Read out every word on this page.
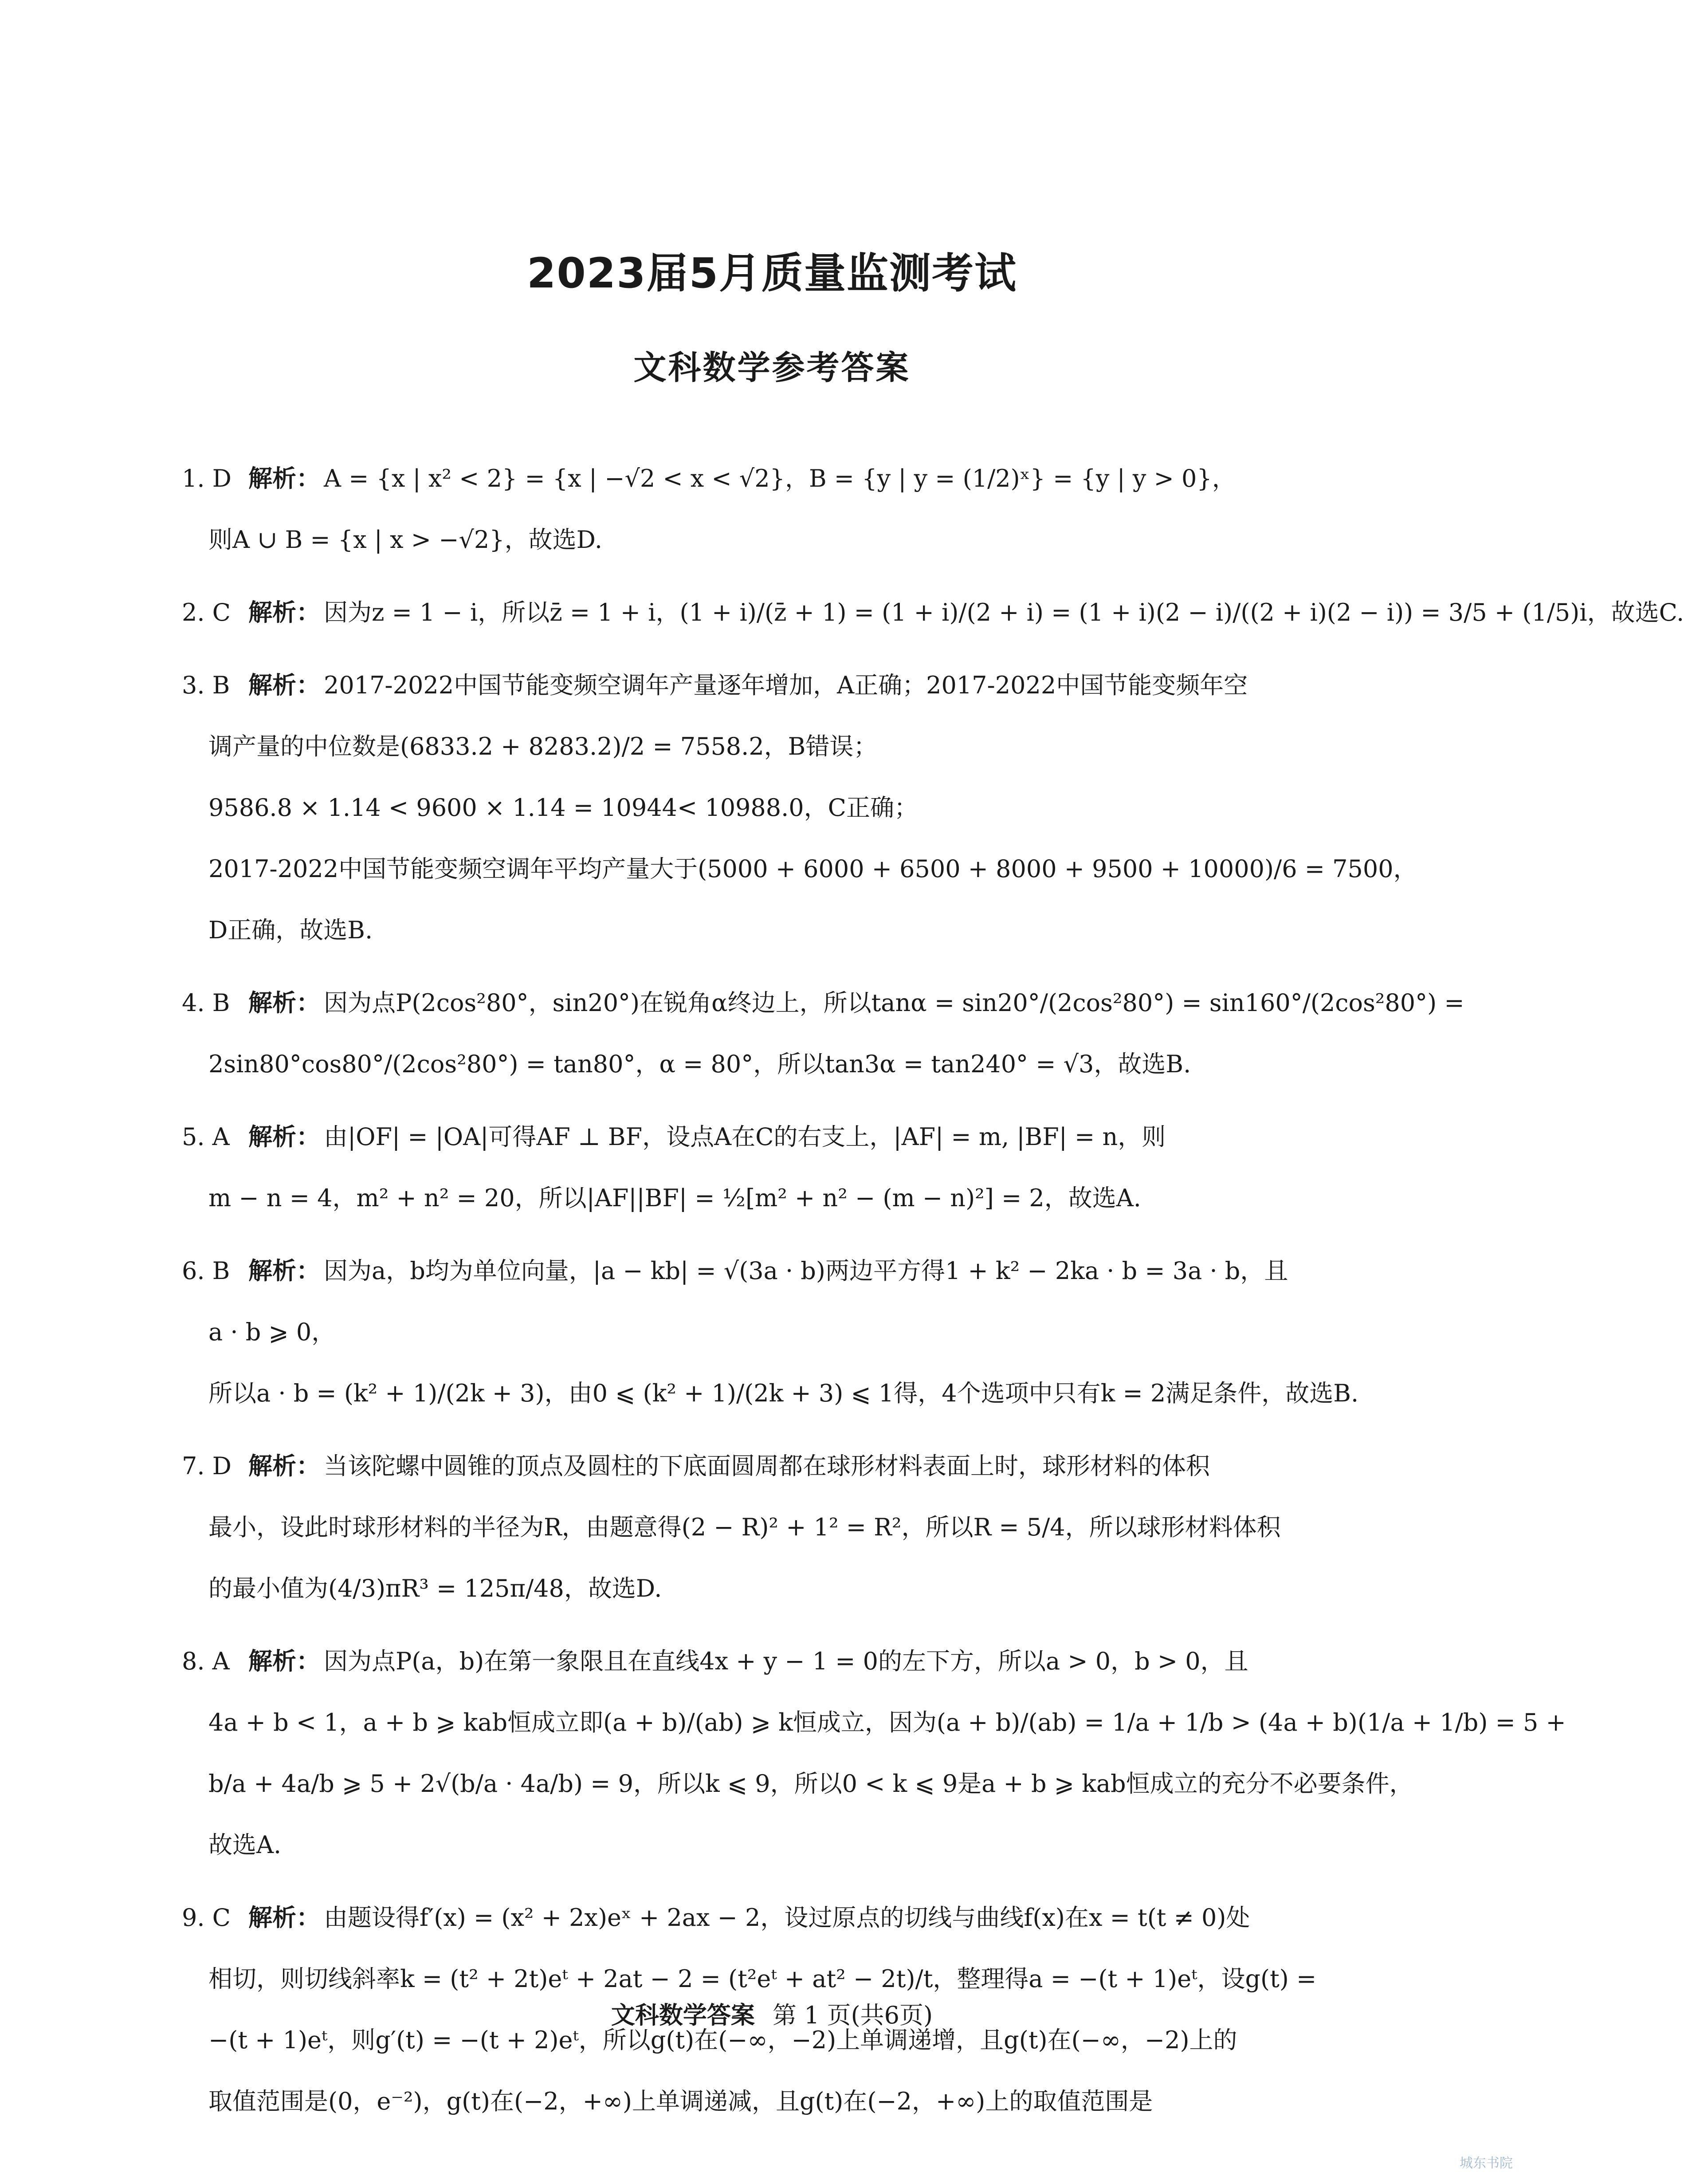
2023届5月质量监测考试
文科数学参考答案
1. D 解析： A = {x | x² < 2} = {x | −√2 < x < √2}，B = {y | y = (1/2)ˣ} = {y | y > 0}，
则A ∪ B = {x | x > −√2}，故选D.
2. C 解析： 因为z = 1 − i，所以z̄ = 1 + i，(1 + i)/(z̄ + 1) = (1 + i)/(2 + i) = (1 + i)(2 − i)/((2 + i)(2 − i)) = 3/5 + (1/5)i，故选C.
3. B 解析： 2017-2022中国节能变频空调年产量逐年增加，A正确；2017-2022中国节能变频年空
调产量的中位数是(6833.2 + 8283.2)/2 = 7558.2，B错误；
9586.8 × 1.14 < 9600 × 1.14 = 10944< 10988.0，C正确；
2017-2022中国节能变频空调年平均产量大于(5000 + 6000 + 6500 + 8000 + 9500 + 10000)/6 = 7500，
D正确，故选B.
4. B 解析： 因为点P(2cos²80°，sin20°)在锐角α终边上，所以tanα = sin20°/(2cos²80°) = sin160°/(2cos²80°) =
2sin80°cos80°/(2cos²80°) = tan80°，α = 80°，所以tan3α = tan240° = √3，故选B.
5. A 解析： 由|OF| = |OA|可得AF ⊥ BF，设点A在C的右支上，|AF| = m, |BF| = n，则
m − n = 4，m² + n² = 20，所以|AF||BF| = ½[m² + n² − (m − n)²] = 2，故选A.
6. B 解析： 因为a，b均为单位向量，|a − kb| = √(3a · b)两边平方得1 + k² − 2ka · b = 3a · b，且
a · b ⩾ 0，
所以a · b = (k² + 1)/(2k + 3)，由0 ⩽ (k² + 1)/(2k + 3) ⩽ 1得，4个选项中只有k = 2满足条件，故选B.
7. D 解析： 当该陀螺中圆锥的顶点及圆柱的下底面圆周都在球形材料表面上时，球形材料的体积
最小，设此时球形材料的半径为R，由题意得(2 − R)² + 1² = R²，所以R = 5/4，所以球形材料体积
的最小值为(4/3)πR³ = 125π/48，故选D.
8. A 解析： 因为点P(a，b)在第一象限且在直线4x + y − 1 = 0的左下方，所以a > 0，b > 0，且
4a + b < 1，a + b ⩾ kab恒成立即(a + b)/(ab) ⩾ k恒成立，因为(a + b)/(ab) = 1/a + 1/b > (4a + b)(1/a + 1/b) = 5 +
b/a + 4a/b ⩾ 5 + 2√(b/a · 4a/b) = 9，所以k ⩽ 9，所以0 < k ⩽ 9是a + b ⩾ kab恒成立的充分不必要条件，
故选A.
9. C 解析： 由题设得f′(x) = (x² + 2x)eˣ + 2ax − 2，设过原点的切线与曲线f(x)在x = t(t ≠ 0)处
相切，则切线斜率k = (t² + 2t)eᵗ + 2at − 2 = (t²eᵗ + at² − 2t)/t，整理得a = −(t + 1)eᵗ，设g(t) =
−(t + 1)eᵗ，则g′(t) = −(t + 2)eᵗ，所以g(t)在(−∞，−2)上单调递增，且g(t)在(−∞，−2)上的
取值范围是(0，e⁻²)，g(t)在(−2，+∞)上单调递减，且g(t)在(−2，+∞)上的取值范围是
文科数学答案 第 1 页(共6页)
城东书院
